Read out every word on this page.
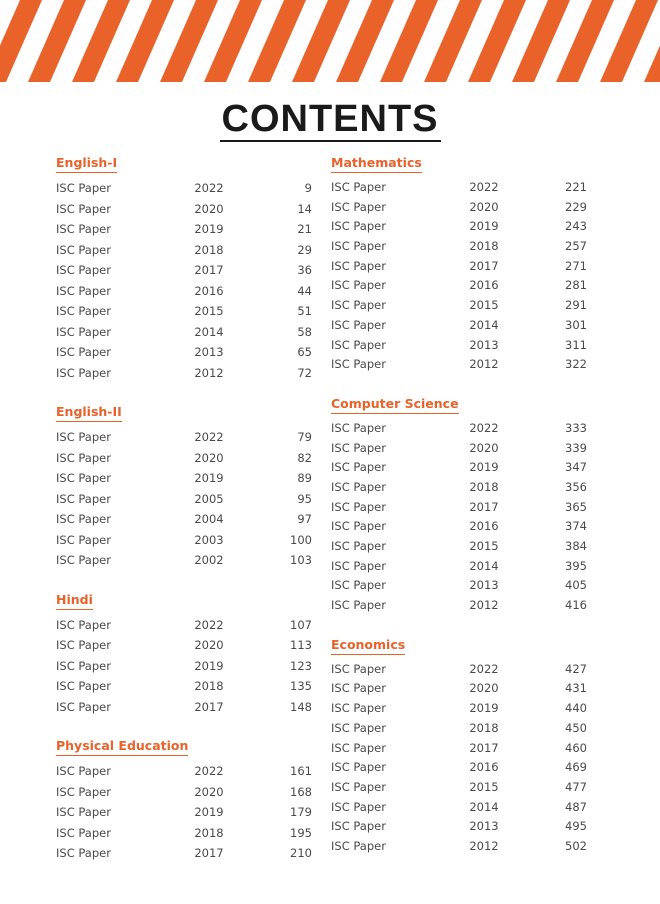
CONTENTS
English-I
ISC Paper	2022	9
ISC Paper	2020	14
ISC Paper	2019	21
ISC Paper	2018	29
ISC Paper	2017	36
ISC Paper	2016	44
ISC Paper	2015	51
ISC Paper	2014	58
ISC Paper	2013	65
ISC Paper	2012	72
English-II
ISC Paper	2022	79
ISC Paper	2020	82
ISC Paper	2019	89
ISC Paper	2005	95
ISC Paper	2004	97
ISC Paper	2003	100
ISC Paper	2002	103
Hindi
ISC Paper	2022	107
ISC Paper	2020	113
ISC Paper	2019	123
ISC Paper	2018	135
ISC Paper	2017	148
Physical Education
ISC Paper	2022	161
ISC Paper	2020	168
ISC Paper	2019	179
ISC Paper	2018	195
ISC Paper	2017	210
Mathematics
ISC Paper	2022	221
ISC Paper	2020	229
ISC Paper	2019	243
ISC Paper	2018	257
ISC Paper	2017	271
ISC Paper	2016	281
ISC Paper	2015	291
ISC Paper	2014	301
ISC Paper	2013	311
ISC Paper	2012	322
Computer Science
ISC Paper	2022	333
ISC Paper	2020	339
ISC Paper	2019	347
ISC Paper	2018	356
ISC Paper	2017	365
ISC Paper	2016	374
ISC Paper	2015	384
ISC Paper	2014	395
ISC Paper	2013	405
ISC Paper	2012	416
Economics
ISC Paper	2022	427
ISC Paper	2020	431
ISC Paper	2019	440
ISC Paper	2018	450
ISC Paper	2017	460
ISC Paper	2016	469
ISC Paper	2015	477
ISC Paper	2014	487
ISC Paper	2013	495
ISC Paper	2012	502
